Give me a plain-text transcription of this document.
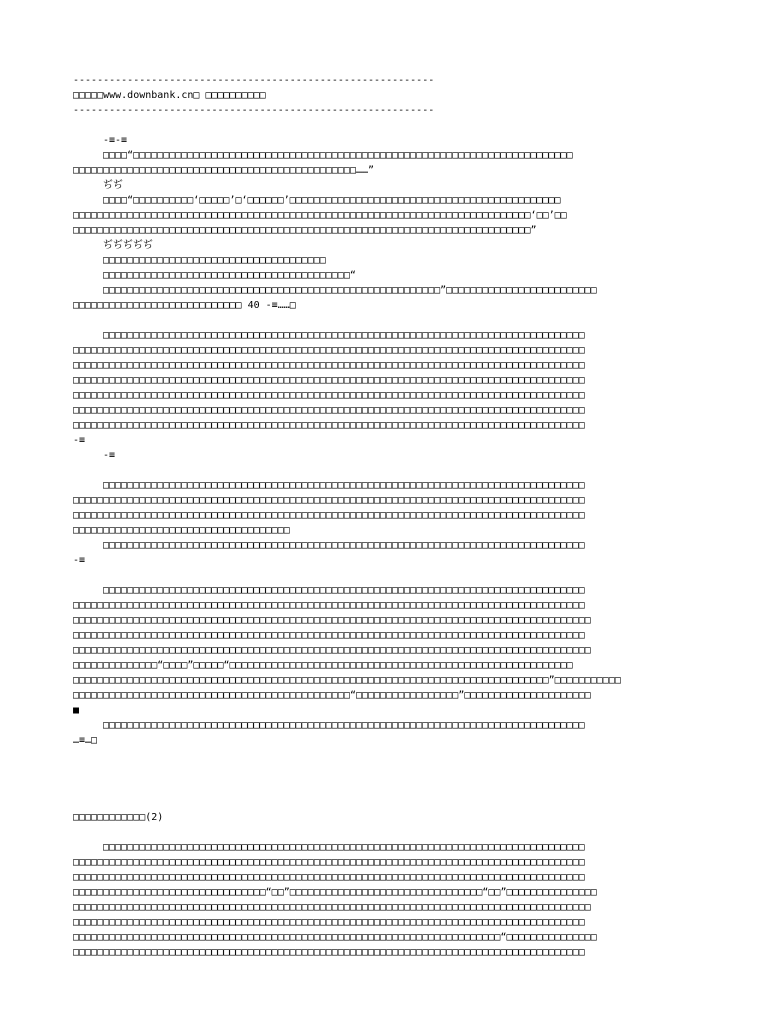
------------------------------------------------------------
□□□□□www.downbank.cn□ □□□□□□□□□□
------------------------------------------------------------
-≡-≡
□□□□“□□□□□□□□□□□□□□□□□□□□□□□□□□□□□□□□□□□□□□□□□□□□□□□□□□□□□□□□□□□□□□□□□□□□□□□□□
□□□□□□□□□□□□□□□□□□□□□□□□□□□□□□□□□□□□□□□□□□□□□□□……”
ぢぢ
□□□□“□□□□□□□□□□‘□□□□□’□‘□□□□□□’□□□□□□□□□□□□□□□□□□□□□□□□□□□□□□□□□□□□□□□□□□□□□
□□□□□□□□□□□□□□□□□□□□□□□□□□□□□□□□□□□□□□□□□□□□□□□□□□□□□□□□□□□□□□□□□□□□□□□□□□□□‘□□’□□
□□□□□□□□□□□□□□□□□□□□□□□□□□□□□□□□□□□□□□□□□□□□□□□□□□□□□□□□□□□□□□□□□□□□□□□□□□□□”
ぢぢぢぢぢ
□□□□□□□□□□□□□□□□□□□□□□□□□□□□□□□□□□□□□
□□□□□□□□□□□□□□□□□□□□□□□□□□□□□□□□□□□□□□□□□“
□□□□□□□□□□□□□□□□□□□□□□□□□□□□□□□□□□□□□□□□□□□□□□□□□□□□□□□□”□□□□□□□□□□□□□□□□□□□□□□□□□
□□□□□□□□□□□□□□□□□□□□□□□□□□□□ 40 -≡……□
□□□□□□□□□□□□□□□□□□□□□□□□□□□□□□□□□□□□□□□□□□□□□□□□□□□□□□□□□□□□□□□□□□□□□□□□□□□□□□□□
□□□□□□□□□□□□□□□□□□□□□□□□□□□□□□□□□□□□□□□□□□□□□□□□□□□□□□□□□□□□□□□□□□□□□□□□□□□□□□□□□□□□□
□□□□□□□□□□□□□□□□□□□□□□□□□□□□□□□□□□□□□□□□□□□□□□□□□□□□□□□□□□□□□□□□□□□□□□□□□□□□□□□□□□□□□
□□□□□□□□□□□□□□□□□□□□□□□□□□□□□□□□□□□□□□□□□□□□□□□□□□□□□□□□□□□□□□□□□□□□□□□□□□□□□□□□□□□□□
□□□□□□□□□□□□□□□□□□□□□□□□□□□□□□□□□□□□□□□□□□□□□□□□□□□□□□□□□□□□□□□□□□□□□□□□□□□□□□□□□□□□□
□□□□□□□□□□□□□□□□□□□□□□□□□□□□□□□□□□□□□□□□□□□□□□□□□□□□□□□□□□□□□□□□□□□□□□□□□□□□□□□□□□□□□
□□□□□□□□□□□□□□□□□□□□□□□□□□□□□□□□□□□□□□□□□□□□□□□□□□□□□□□□□□□□□□□□□□□□□□□□□□□□□□□□□□□□□
-≡
-≡
□□□□□□□□□□□□□□□□□□□□□□□□□□□□□□□□□□□□□□□□□□□□□□□□□□□□□□□□□□□□□□□□□□□□□□□□□□□□□□□□
□□□□□□□□□□□□□□□□□□□□□□□□□□□□□□□□□□□□□□□□□□□□□□□□□□□□□□□□□□□□□□□□□□□□□□□□□□□□□□□□□□□□□
□□□□□□□□□□□□□□□□□□□□□□□□□□□□□□□□□□□□□□□□□□□□□□□□□□□□□□□□□□□□□□□□□□□□□□□□□□□□□□□□□□□□□
□□□□□□□□□□□□□□□□□□□□□□□□□□□□□□□□□□□□
□□□□□□□□□□□□□□□□□□□□□□□□□□□□□□□□□□□□□□□□□□□□□□□□□□□□□□□□□□□□□□□□□□□□□□□□□□□□□□□□
-≡
□□□□□□□□□□□□□□□□□□□□□□□□□□□□□□□□□□□□□□□□□□□□□□□□□□□□□□□□□□□□□□□□□□□□□□□□□□□□□□□□
□□□□□□□□□□□□□□□□□□□□□□□□□□□□□□□□□□□□□□□□□□□□□□□□□□□□□□□□□□□□□□□□□□□□□□□□□□□□□□□□□□□□□
□□□□□□□□□□□□□□□□□□□□□□□□□□□□□□□□□□□□□□□□□□□□□□□□□□□□□□□□□□□□□□□□□□□□□□□□□□□□□□□□□□□□□□
□□□□□□□□□□□□□□□□□□□□□□□□□□□□□□□□□□□□□□□□□□□□□□□□□□□□□□□□□□□□□□□□□□□□□□□□□□□□□□□□□□□□□
□□□□□□□□□□□□□□□□□□□□□□□□□□□□□□□□□□□□□□□□□□□□□□□□□□□□□□□□□□□□□□□□□□□□□□□□□□□□□□□□□□□□□□
□□□□□□□□□□□□□□“□□□□”□□□□□“□□□□□□□□□□□□□□□□□□□□□□□□□□□□□□□□□□□□□□□□□□□□□□□□□□□□□□□□□
□□□□□□□□□□□□□□□□□□□□□□□□□□□□□□□□□□□□□□□□□□□□□□□□□□□□□□□□□□□□□□□□□□□□□□□□□□□□□□□”□□□□□□□□□□□
□□□□□□□□□□□□□□□□□□□□□□□□□□□□□□□□□□□□□□□□□□□□□□“□□□□□□□□□□□□□□□□□”□□□□□□□□□□□□□□□□□□□□□
■
□□□□□□□□□□□□□□□□□□□□□□□□□□□□□□□□□□□□□□□□□□□□□□□□□□□□□□□□□□□□□□□□□□□□□□□□□□□□□□□□
…≡…□
□□□□□□□□□□□□(2)
□□□□□□□□□□□□□□□□□□□□□□□□□□□□□□□□□□□□□□□□□□□□□□□□□□□□□□□□□□□□□□□□□□□□□□□□□□□□□□□□
□□□□□□□□□□□□□□□□□□□□□□□□□□□□□□□□□□□□□□□□□□□□□□□□□□□□□□□□□□□□□□□□□□□□□□□□□□□□□□□□□□□□□
□□□□□□□□□□□□□□□□□□□□□□□□□□□□□□□□□□□□□□□□□□□□□□□□□□□□□□□□□□□□□□□□□□□□□□□□□□□□□□□□□□□□□
□□□□□□□□□□□□□□□□□□□□□□□□□□□□□□□□“□□”□□□□□□□□□□□□□□□□□□□□□□□□□□□□□□□□“□□”□□□□□□□□□□□□□□□
□□□□□□□□□□□□□□□□□□□□□□□□□□□□□□□□□□□□□□□□□□□□□□□□□□□□□□□□□□□□□□□□□□□□□□□□□□□□□□□□□□□□□□
□□□□□□□□□□□□□□□□□□□□□□□□□□□□□□□□□□□□□□□□□□□□□□□□□□□□□□□□□□□□□□□□□□□□□□□□□□□□□□□□□□□□□
□□□□□□□□□□□□□□□□□□□□□□□□□□□□□□□□□□□□□□□□□□□□□□□□□□□□□□□□□□□□□□□□□□□□□□□“□□□□□□□□□□□□□□□
□□□□□□□□□□□□□□□□□□□□□□□□□□□□□□□□□□□□□□□□□□□□□□□□□□□□□□□□□□□□□□□□□□□□□□□□□□□□□□□□□□□□□
